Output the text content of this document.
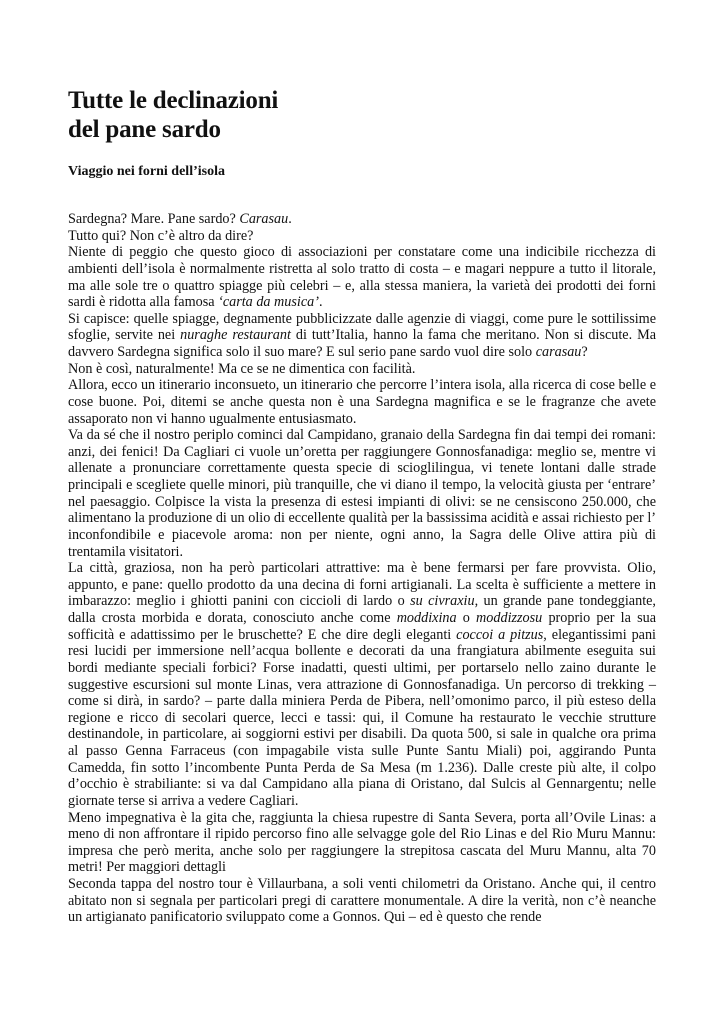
Tutte le declinazioni
del pane sardo
Viaggio nei forni dell’isola

Sardegna? Mare. Pane sardo? Carasau.

Tutto qui? Non c’è altro da dire?

Niente di peggio che questo gioco di associazioni per constatare come una indicibile ricchezza di ambienti dell’isola è normalmente ristretta al solo tratto di costa – e magari neppure a tutto il litorale, ma alle sole tre o quattro spiagge più celebri – e, alla stessa maniera, la varietà dei prodotti dei forni sardi è ridotta alla famosa ‘carta da musica’.

Si capisce: quelle spiagge, degnamente pubblicizzate dalle agenzie di viaggi, come pure le sottilissime sfoglie, servite nei nuraghe restaurant di tutt’Italia, hanno la fama che meritano. Non si discute. Ma davvero Sardegna significa solo il suo mare? E sul serio pane sardo vuol dire solo carasau?

Non è così, naturalmente! Ma ce se ne dimentica con facilità.

Allora, ecco un itinerario inconsueto, un itinerario che percorre l’intera isola, alla ricerca di cose belle e cose buone. Poi, ditemi se anche questa non è una Sardegna magnifica e se le fragranze che avete assaporato non vi hanno ugualmente entusiasmato.

Va da sé che il nostro periplo cominci dal Campidano, granaio della Sardegna fin dai tempi dei romani: anzi, dei fenici! Da Cagliari ci vuole un’oretta per raggiungere Gonnosfanadiga: meglio se, mentre vi allenate a pronunciare correttamente questa specie di scioglilingua, vi tenete lontani dalle strade principali e scegliete quelle minori, più tranquille, che vi diano il tempo, la velocità giusta per ‘entrare’ nel paesaggio. Colpisce la vista la presenza di estesi impianti di olivi: se ne censiscono 250.000, che alimentano la produzione di un olio di eccellente qualità per la bassissima acidità e assai richiesto per l’ inconfondibile e piacevole aroma: non per niente, ogni anno, la Sagra delle Olive attira più di trentamila visitatori.

La città, graziosa, non ha però particolari attrattive: ma è bene fermarsi per fare provvista. Olio, appunto, e pane: quello prodotto da una decina di forni artigianali. La scelta è sufficiente a mettere in imbarazzo: meglio i ghiotti panini con ciccioli di lardo o su civraxiu, un grande pane tondeggiante, dalla crosta morbida e dorata, conosciuto anche come moddixina o moddizzosu proprio per la sua sofficità e adattissimo per le bruschette? E che dire degli eleganti coccoi a pitzus, elegantissimi pani resi lucidi per immersione nell’acqua bollente e decorati da una frangiatura abilmente eseguita sui bordi mediante speciali forbici? Forse inadatti, questi ultimi, per portarselo nello zaino durante le suggestive escursioni sul monte Linas, vera attrazione di Gonnosfanadiga. Un percorso di trekking – come si dirà, in sardo? – parte dalla miniera Perda de Pibera, nell’omonimo parco, il più esteso della regione e ricco di secolari querce, lecci e tassi: qui, il Comune ha restaurato le vecchie strutture destinandole, in particolare, ai soggiorni estivi per disabili. Da quota 500, si sale in qualche ora prima al passo Genna Farraceus (con impagabile vista sulle Punte Santu Miali) poi, aggirando Punta Camedda, fin sotto l’incombente Punta Perda de Sa Mesa (m 1.236). Dalle creste più alte, il colpo d’occhio è strabiliante: si va dal Campidano alla piana di Oristano, dal Sulcis al Gennargentu; nelle giornate terse si arriva a vedere Cagliari.

Meno impegnativa è la gita che, raggiunta la chiesa rupestre di Santa Severa, porta all’Ovile Linas: a meno di non affrontare il ripido percorso fino alle selvagge gole del Rio Linas e del Rio Muru Mannu: impresa che però merita, anche solo per raggiungere la strepitosa cascata del Muru Mannu, alta 70 metri! Per maggiori dettagli

Seconda tappa del nostro tour è Villaurbana, a soli venti chilometri da Oristano. Anche qui, il centro abitato non si segnala per particolari pregi di carattere monumentale. A dire la verità, non c’è neanche un artigianato panificatorio sviluppato come a Gonnos. Qui – ed è questo che rende
